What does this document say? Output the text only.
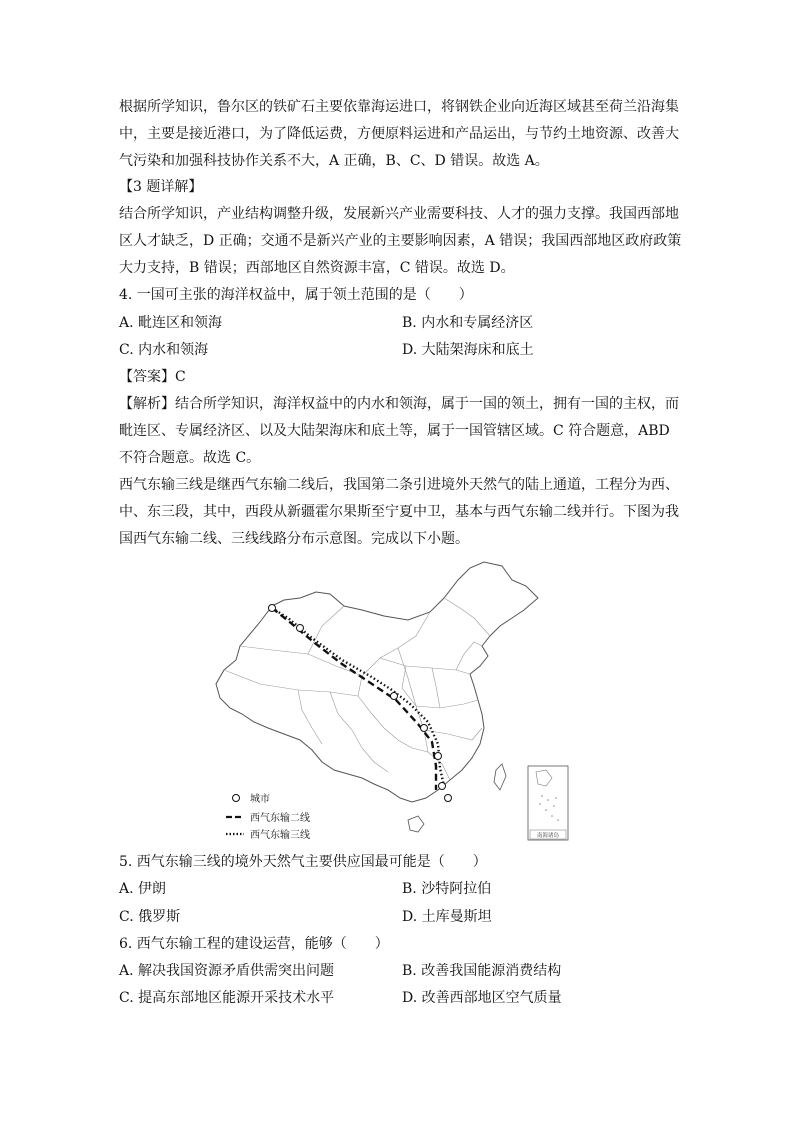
根据所学知识，鲁尔区的铁矿石主要依靠海运进口，将钢铁企业向近海区域甚至荷兰沿海集
中，主要是接近港口，为了降低运费，方便原料运进和产品运出，与节约土地资源、改善大
气污染和加强科技协作关系不大，A 正确，B、C、D 错误。故选 A。
【3 题详解】
结合所学知识，产业结构调整升级，发展新兴产业需要科技、人才的强力支撑。我国西部地
区人才缺乏，D 正确；交通不是新兴产业的主要影响因素，A 错误；我国西部地区政府政策
大力支持，B 错误；西部地区自然资源丰富，C 错误。故选 D。
4. 一国可主张的海洋权益中，属于领土范围的是（　　）
A. 毗连区和领海	B. 内水和专属经济区
C. 内水和领海	D. 大陆架海床和底土
【答案】C
【解析】结合所学知识，海洋权益中的内水和领海，属于一国的领土，拥有一国的主权，而
毗连区、专属经济区、以及大陆架海床和底土等，属于一国管辖区域。C 符合题意，ABD
不符合题意。故选 C。
西气东输三线是继西气东输二线后，我国第二条引进境外天然气的陆上通道，工程分为西、
中、东三段，其中，西段从新疆霍尔果斯至宁夏中卫，基本与西气东输二线并行。下图为我
国西气东输二线、三线线路分布示意图。完成以下小题。
城市
西气东输二线
西气东输三线	南海诸岛
5. 西气东输三线的境外天然气主要供应国最可能是（　　）
A. 伊朗	B. 沙特阿拉伯
C. 俄罗斯	D. 土库曼斯坦
6. 西气东输工程的建设运营，能够（　　）
A. 解决我国资源矛盾供需突出问题	B. 改善我国能源消费结构
C. 提高东部地区能源开采技术水平	D. 改善西部地区空气质量
